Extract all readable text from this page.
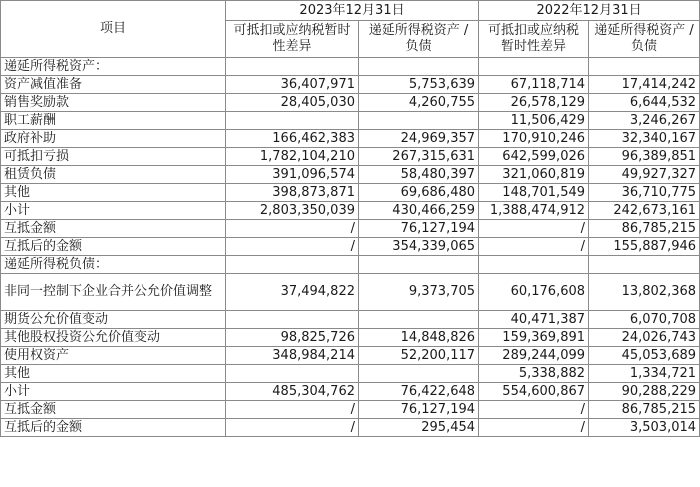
项目	2023年12月31日		2022年12月31日	
	可抵扣或应纳税暂时性差异	递延所得税资产 / 负债	可抵扣或应纳税暂时性差异	递延所得税资产 / 负债
递延所得税资产：				
资产减值准备	36,407,971	5,753,639	67,118,714	17,414,242
销售奖励款	28,405,030	4,260,755	26,578,129	6,644,532
职工薪酬			11,506,429	3,246,267
政府补助	166,462,383	24,969,357	170,910,246	32,340,167
可抵扣亏损	1,782,104,210	267,315,631	642,599,026	96,389,851
租赁负债	391,096,574	58,480,397	321,060,819	49,927,327
其他	398,873,871	69,686,480	148,701,549	36,710,775
小计	2,803,350,039	430,466,259	1,388,474,912	242,673,161
互抵金额	/	76,127,194	/	86,785,215
互抵后的金额	/	354,339,065	/	155,887,946
递延所得税负债：				
非同一控制下企业合并公允价值调整	37,494,822	9,373,705	60,176,608	13,802,368
期货公允价值变动			40,471,387	6,070,708
其他股权投资公允价值变动	98,825,726	14,848,826	159,369,891	24,026,743
使用权资产	348,984,214	52,200,117	289,244,099	45,053,689
其他			5,338,882	1,334,721
小计	485,304,762	76,422,648	554,600,867	90,288,229
互抵金额	/	76,127,194	/	86,785,215
互抵后的金额	/	295,454	/	3,503,014
